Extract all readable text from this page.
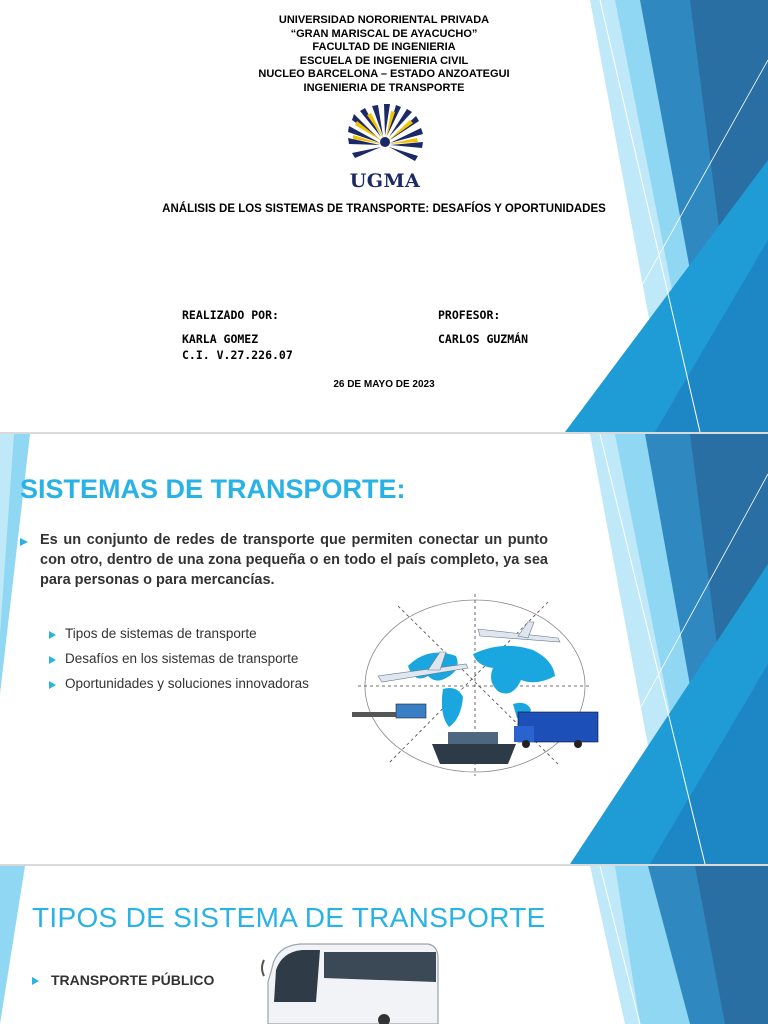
UNIVERSIDAD NORORIENTAL PRIVADA
“GRAN MARISCAL DE AYACUCHO”
FACULTAD DE INGENIERIA
ESCUELA DE INGENIERIA CIVIL
NUCLEO BARCELONA – ESTADO ANZOATEGUI
INGENIERIA DE TRANSPORTE
UGMA
ANÁLISIS DE LOS SISTEMAS DE TRANSPORTE: DESAFÍOS Y OPORTUNIDADES
REALIZADO POR:
KARLA GOMEZ
C.I. V.27.226.07
PROFESOR:
CARLOS GUZMÁN
26 DE MAYO DE 2023
SISTEMAS DE TRANSPORTE:
Es un conjunto de redes de transporte que permiten conectar un punto con otro, dentro de una zona pequeña o en todo el país completo, ya sea para personas o para mercancías.
Tipos de sistemas de transporte
Desafíos en los sistemas de transporte
Oportunidades y soluciones innovadoras
TIPOS DE SISTEMA DE TRANSPORTE
TRANSPORTE PÚBLICO
